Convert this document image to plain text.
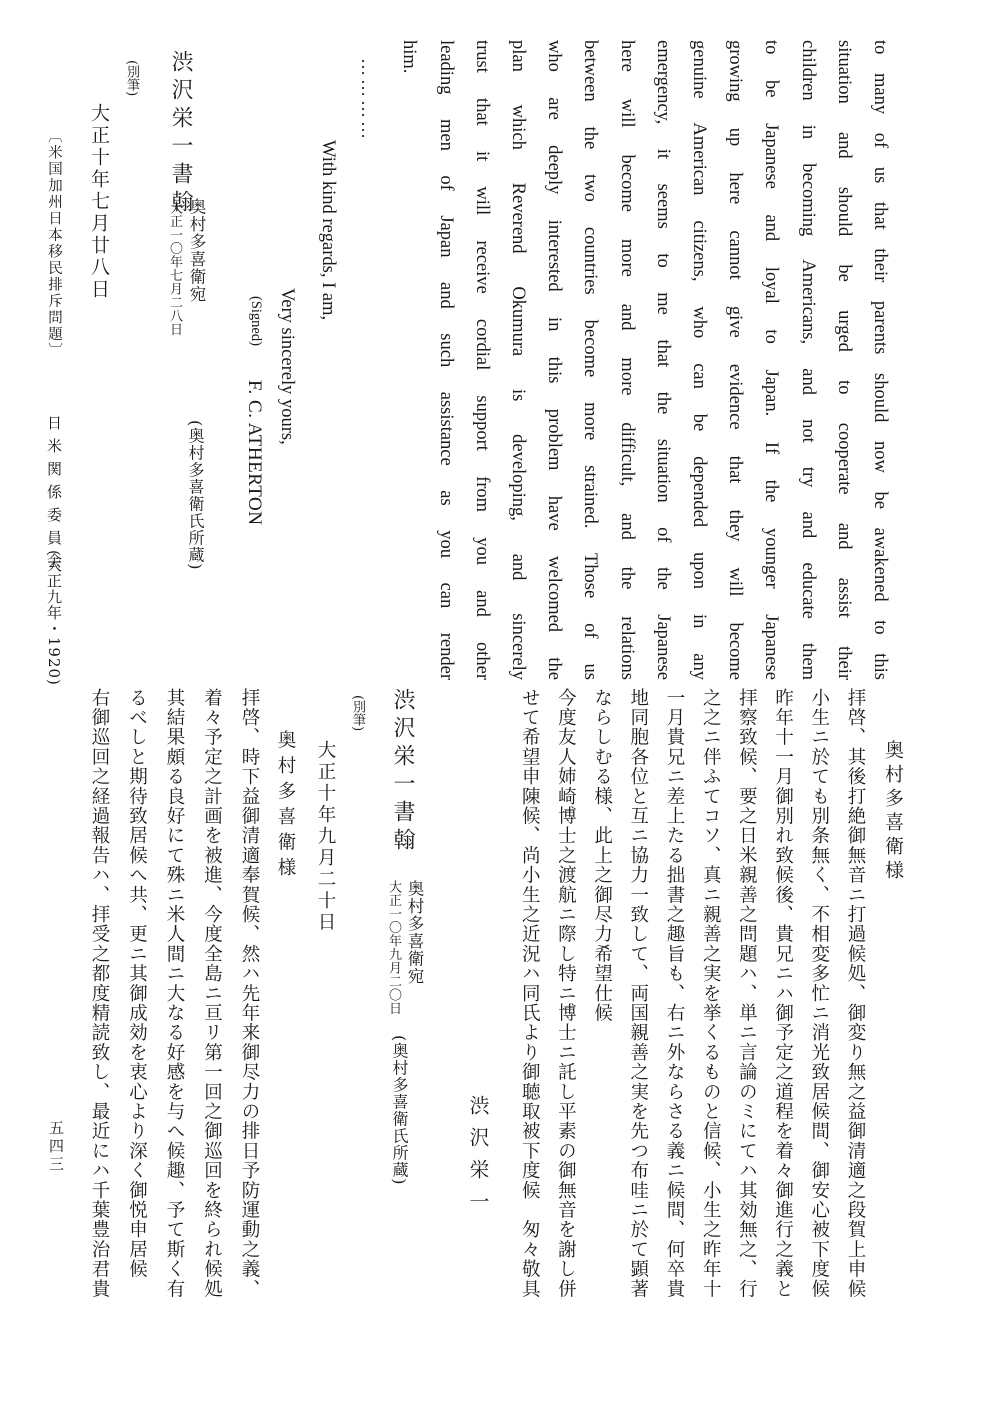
to many of us that their parents should now be awakened to this
situation and should be urged to cooperate and assist their
children in becoming Americans, and not try and educate them
to be Japanese and loyal to Japan. If the younger Japanese
growing up here cannot give evidence that they will become
genuine American citizens, who can be depended upon in any
emergency, it seems to me that the situation of the Japanese
here will become more and more difficult, and the relations
between the two countries become more strained. Those of us
who are deeply interested in this problem have welcomed the
plan which Reverend Okumura is developing, and sincerely
trust that it will receive cordial support from you and other
leading men of Japan and such assistance as you can render
him.
…………
With kind regards, I am,
Very sincerely yours,
(Signed)
F. C. ATHERTON
(奥村多喜衛氏所蔵)
渋沢栄一書翰
奥村多喜衛宛
大正一〇年七月二八日
(別筆)
大正十年七月廿八日
〔米国加州日本移民排斥問題〕
日米関係委員会
(大正九年・1920)
奥村多喜衛様
拝啓、其後打絶御無音ニ打過候処、御変り無之益御清適之段賀上申候
小生ニ於ても別条無く、不相変多忙ニ消光致居候間、御安心被下度候
昨年十一月御別れ致候後、貴兄ニハ御予定之道程を着々御進行之義と
拝察致候、要之日米親善之問題ハ、単ニ言論のミにてハ其効無之、行
之之ニ伴ふてコソ、真ニ親善之実を挙くるものと信候、小生之昨年十
一月貴兄ニ差上たる拙書之趣旨も、右ニ外ならさる義ニ候間、何卒貴
地同胞各位と互ニ協力一致して、両国親善之実を先つ布哇ニ於て顕著
ならしむる様、此上之御尽力希望仕候
今度友人姉崎博士之渡航ニ際し特ニ博士ニ託し平素の御無音を謝し併
せて希望申陳候、尚小生之近況ハ同氏より御聴取被下度候　匆々敬具
渋沢栄一
(奥村多喜衛氏所蔵)
渋沢栄一書翰
奥村多喜衛宛
大正一〇年九月二〇日
(別筆)
大正十年九月二十日
奥村多喜衛様
拝啓、時下益御清適奉賀候、然ハ先年来御尽力の排日予防運動之義、
着々予定之計画を被進、今度全島ニ亘リ第一回之御巡回を終られ候処
其結果頗る良好にて殊ニ米人間ニ大なる好感を与へ候趣、予て斯く有
るべしと期待致居候へ共、更ニ其御成効を衷心より深く御悦申居候
右御巡回之経過報告ハ、拝受之都度精読致し、最近にハ千葉豊治君貴
五四三
